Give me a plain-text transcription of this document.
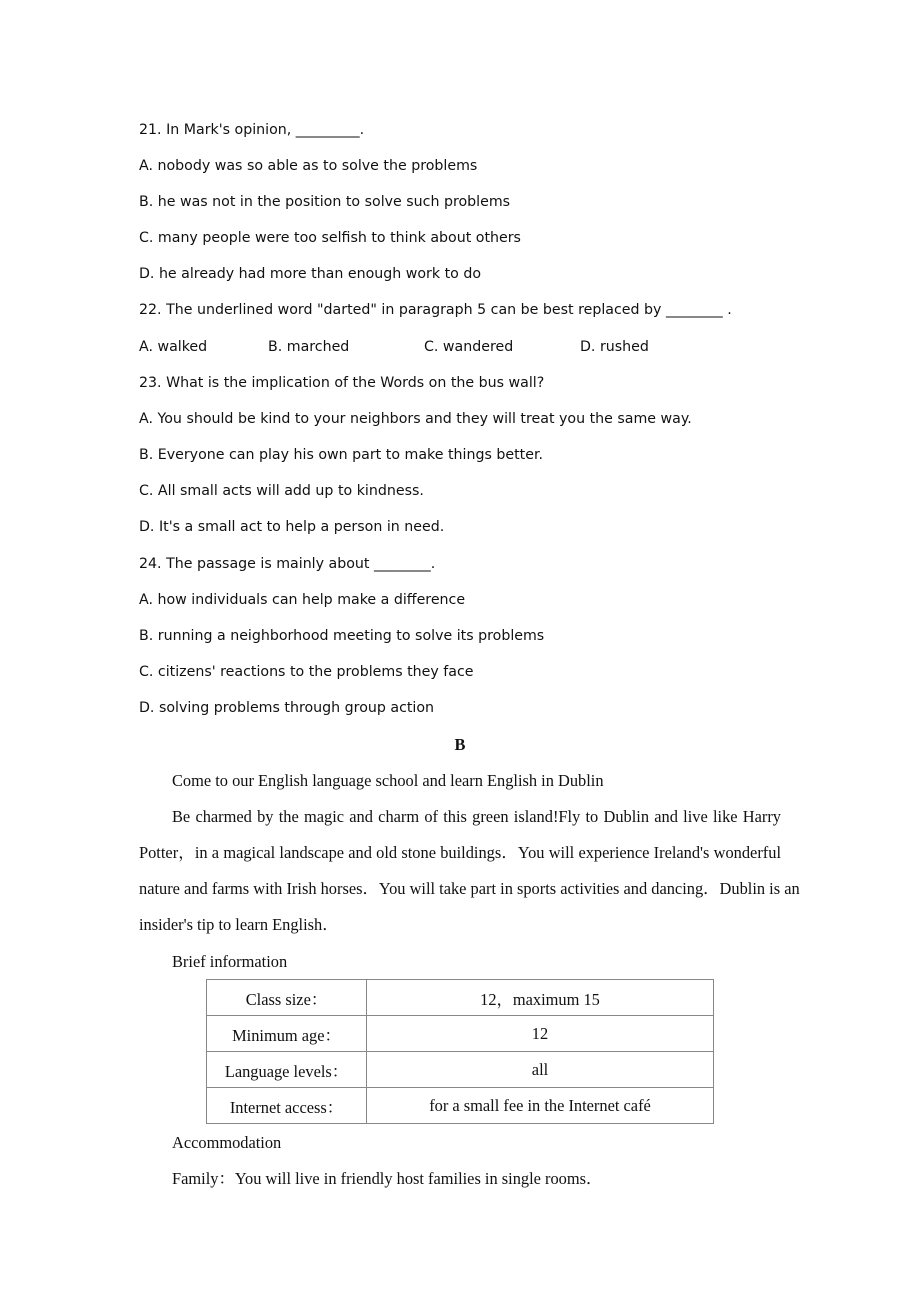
21. In Mark's opinion, _________.
A. nobody was so able as to solve the problems
B. he was not in the position to solve such problems
C. many people were too selfish to think about others
D. he already had more than enough work to do
22. The underlined word "darted" in paragraph 5 can be best replaced by ________ .
A. walked	B. marched	C. wandered	D. rushed
23. What is the implication of the Words on the bus wall?
A. You should be kind to your neighbors and they will treat you the same way.
B. Everyone can play his own part to make things better.
C. All small acts will add up to kindness.
D. It's a small act to help a person in need.
24. The passage is mainly about ________.
A. how individuals can help make a difference
B. running a neighborhood meeting to solve its problems
C. citizens' reactions to the problems they face
D. solving problems through group action
B
Come to our English language school and learn English in Dublin
Be charmed by the magic and charm of this green island!Fly to Dublin and live like Harry
Potter，in a magical landscape and old stone buildings．You will experience Ireland's wonderful
nature and farms with Irish horses．You will take part in sports activities and dancing．Dublin is an
insider's tip to learn English．
Brief information
Class size：	12，maximum 15
Minimum age：	12
Language levels：	all
Internet access：	for a small fee in the Internet café
Accommodation
Family：You will live in friendly host families in single rooms．
